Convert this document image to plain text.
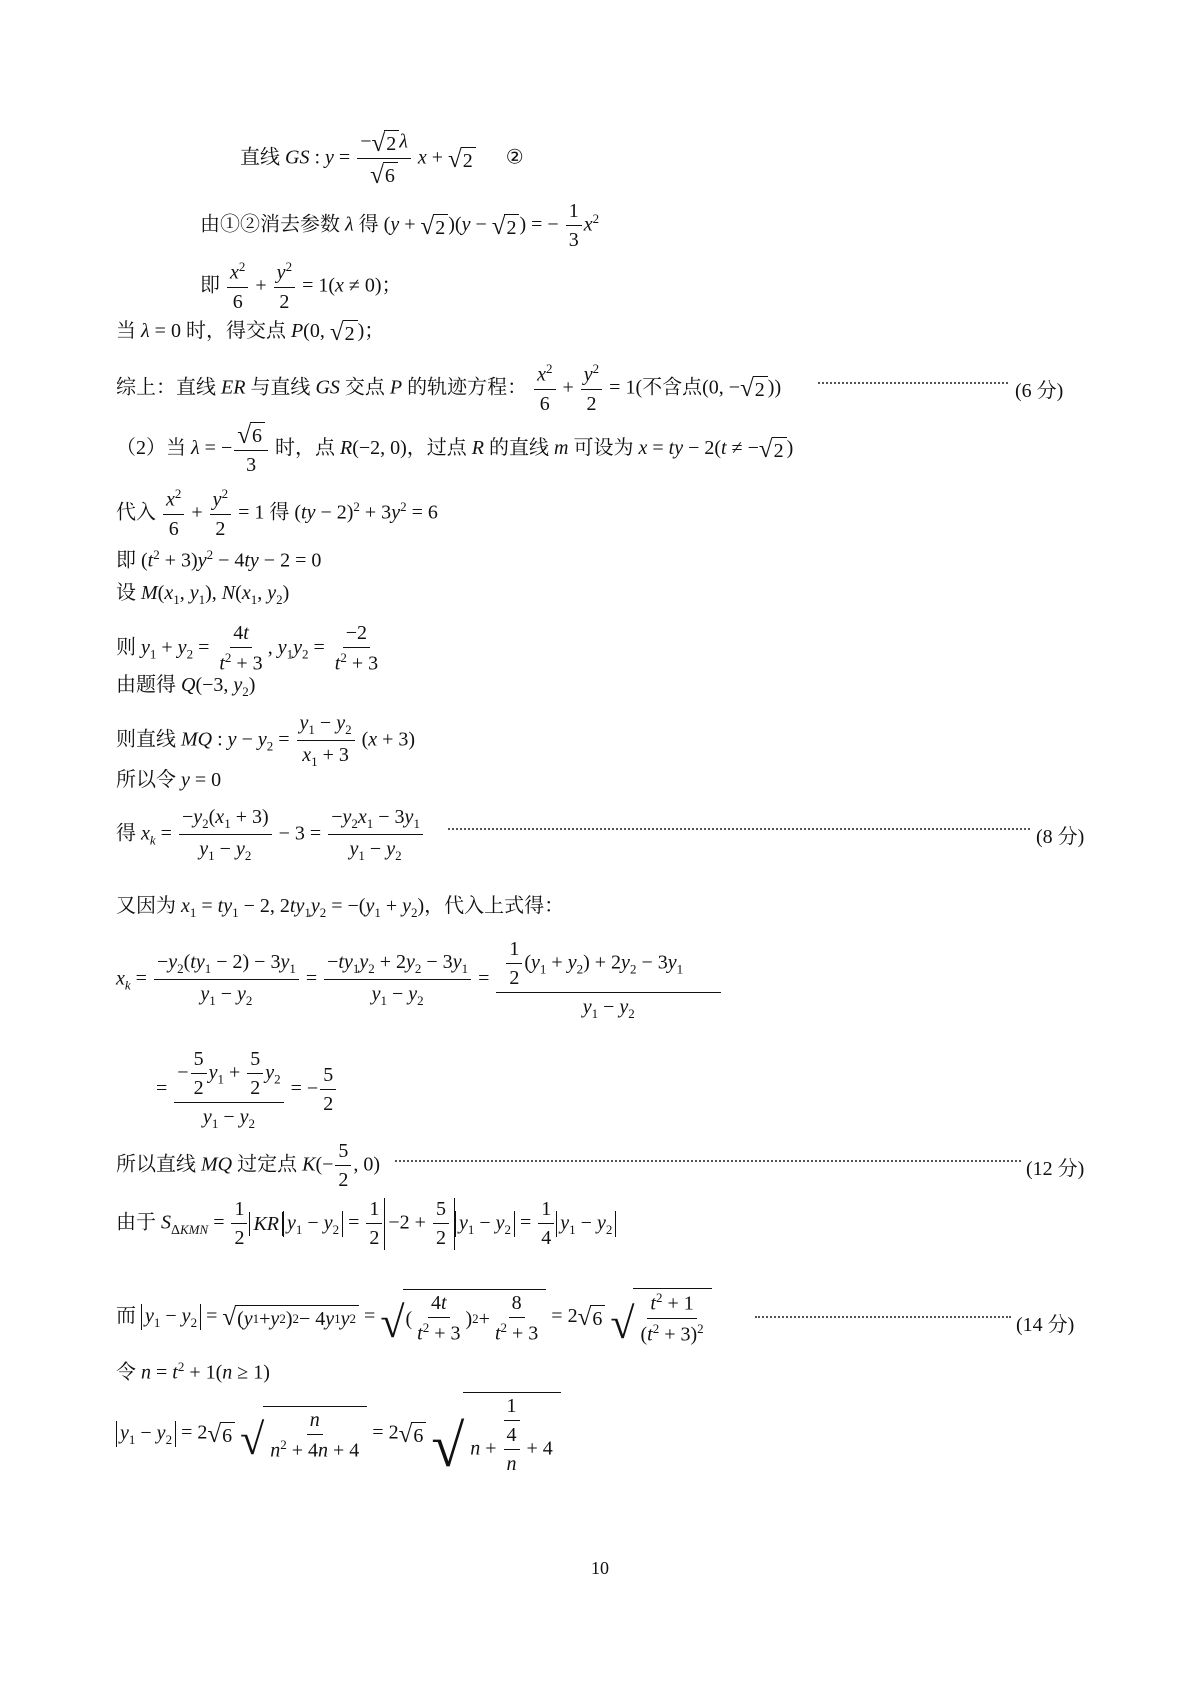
直线 GS : $y = \frac{- √ 2 \lambda}{√ 6}$ x + √ 2 ②
由①②消去参数 λ 得 (y + √ 2 )(y − √ 2 ) = − $\frac{1}{3} x^2$
即 $\frac{x^2}{6} + \frac{y^2}{2} = 1(x \ne 0)$；
当 λ = 0 时，得交点 P(0, √ 2 )；
综上：直线 ER 与直线 GS 交点 P 的轨迹方程： $\frac{x^2}{6} + \frac{y^2}{2} = 1$(不含点(0, − √ 2 ))	(6 分)
（2）当 λ = − $\frac{√ 6}{3}$ 时，点 R(−2, 0)，过点 R 的直线 m 可设为 x = ty − 2(t ≠ − √ 2 )
代入 $\frac{x^2}{6} + \frac{y^2}{2} = 1$ 得 $(ty - 2)^2 + 3y^2 = 6$
即 $(t^2 + 3)y^2 - 4ty - 2 = 0$
设 $M(x_1$, $y_1$), $N(x_1$, $y_2$)
则 $y_1 + y_2 = \frac{4t}{t^2 + 3}$ , $y_1y_2 = \frac{-2}{t^2 + 3}$
由题得 Q(−3, $y_2$)
则直线 MQ : $y - y_2 = \frac{y_1 - y_2}{x_1 + 3} (x + 3)$
所以令 y = 0
得 $x_k = \frac{-y_2(x_1 + 3)}{y_1 - y_2} - 3 = \frac{-y_2x_1 - 3y_1}{y_1 - y_2}$	(8 分)
又因为 $x_1 = ty_1 - 2$, $2ty_1y_2 = -(y_1 + y_2)$，代入上式得：
$x_k = \frac{-y_2(ty_1 - 2) - 3y_1}{y_1 - y_2} = \frac{-ty_1y_2 + 2y_2 - 3y_1}{y_1 - y_2}$ =
$\frac{\frac{1}{2} (y_1 + y_2) + 2y_2 - 3y_1}{y_1 - y_2}$
= $\frac{- \frac{5}{2} y_1 + \frac{5}{2} y_2}{y_1 - y_2}$ = − $\frac{5}{2}$
所以直线 MQ 过定点 $K(- \frac{5}{2}$ , 0)	(12 分)
由于 $S_{\Delta KMN} = \frac{1}{2}$ KR $y_1 - y_2 = \frac{1}{2} -2 + \frac{5}{2} y_1 - y_2 = \frac{1}{4} y_1 - y_2$
而 $y_1 - y_2$ = √ ( y 1 + y 2 ) 2 − 4 y 1 y 2 = √ (
4t
$t^2 + 3$
) 2 +
8
$t^2 + 3$
= 2 √ 6
√ $t^2 + 1$
$(t^2 + 3)^2$	(14 分)
令 $n = t^2 + 1(n \ge 1)$
$y_1 - y_2 = 2$ √ 6
√ n
$n^2 + 4n + 4$
= 2 √ 6
√
1
$n + \frac{4}{n} + 4$
10
